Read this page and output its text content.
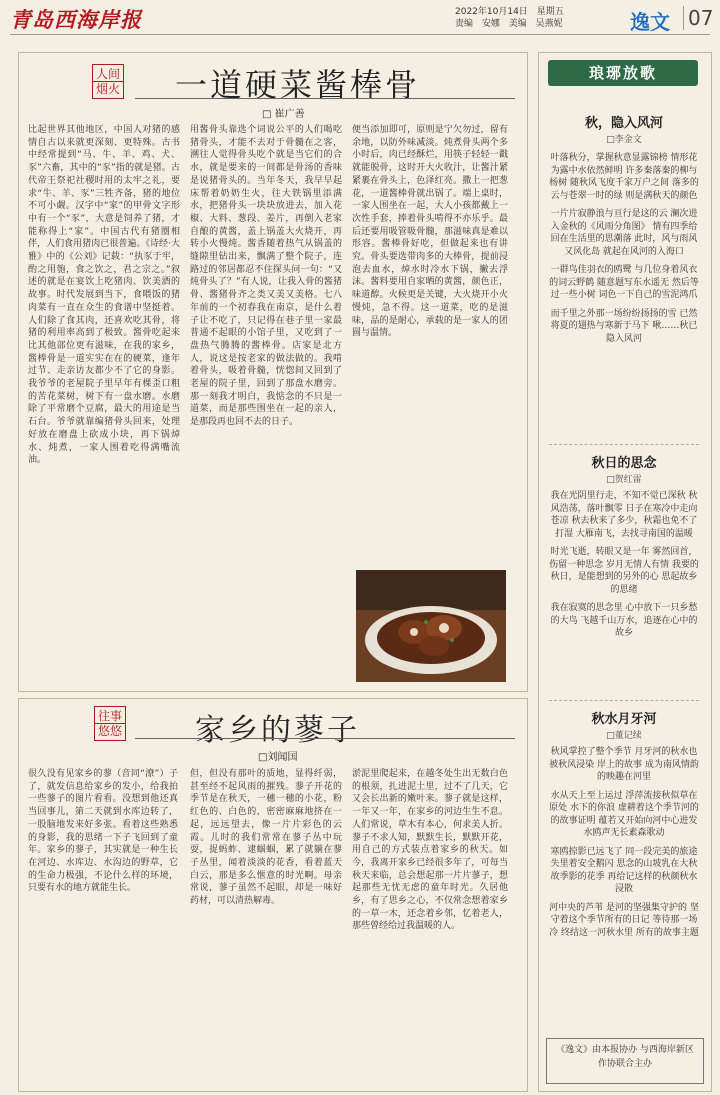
青岛西海岸报	2022年10月14日 星期五
责编 安娜 美编 吴燕妮	逸文 07
人间
烟火 一道硬菜酱棒骨
□ 崔广善
比起世界其他地区，中国人对猪的感情自古以来就更深刻、更特殊。古书中经常提到“马、牛、羊、鸡、犬、豕”六畜，其中的“豕”指的就是猪。古代帝王祭祀社稷时用的太牢之礼，要求“牛、羊、豕”三牲齐备，猪的地位不可小觑。汉字中“家”的甲骨文字形中有一个“豕”，大意是饲养了猪，才能称得上“家”。中国古代有猪圈相伴，人们食用猪肉已很普遍。《诗经·大雅》中的《公刘》记载：“执豕于牢，酌之用匏，食之饮之，君之宗之。”叙述的就是在宴饮上吃猪肉、饮美酒的故事。时代发展到当下，食喂饭的猪肉菜有一直在众生的食谱中坚挺着。人们除了食其肉，还喜欢吃其骨，将猪的利用率高到了极致。酱骨吃起来比其他部位更有滋味，在我的家乡，酱棒骨是一道实实在在的硬菜，逢年过节、走亲访友都少不了它的身影。我爷爷的老屋院子里早年有棵歪口粗的苦花菜树，树下有一盘水磨。水磨除了平常磨个豆腐，最大的用途是当石台。爷爷就靠编猪骨头回来，处理好放在磨盘上砍成小块，再下锅焯水、炖煮，一家人围着吃得满嘴流油。
用酱骨头靠选个词说公平的人们喝吃猪骨头，才能不去对于骨髓在之客，溯往人觉得骨头吃个就是当它们的合水，就是要来的一间都是骨汤的香味是说猪骨头的。当年冬天，我早早起床帮着奶奶生火，往大铁锅里添满水，把猪骨头一块块放进去，加入花椒、大料、葱段、姜片，再倒入老家自酿的黄酱，盖上锅盖大火烧开，再转小火慢炖。酱香随着热气从锅盖的缝隙里钻出来，飘满了整个院子，连路过的邻居都忍不住探头问一句：“又炖骨头了？”有人说，让我入骨的酱猪骨、酱猪骨齐之类又美又美格。七八年前的一个初春我在南京，是什么着子让不吃了，只记得在巷子里一家最普通不起眼的小馆子里，又吃到了一盘热气腾腾的酱棒骨。店家是北方人，说这是按老家的做法做的。我啃着骨头，吸着骨髓，恍惚间又回到了老屋的院子里，回到了那盘水磨旁。那一刻我才明白，我惦念的不只是一道菜，而是那些围坐在一起的亲人，是那段再也回不去的日子。
便当添加即可，原则是宁欠勿过，留有余地，以防外味减淡。炖煮骨头两个多小时后，肉已经酥烂，用筷子轻轻一戳就能脱骨，这时开大火收汁，让酱汁紧紧裹在骨头上，色泽红亮。撒上一把葱花，一道酱棒骨就出锅了。端上桌时，一家人围坐在一起，大人小孩都戴上一次性手套，捧着骨头啃得不亦乐乎。最后还要用吸管吸骨髓，那滋味真是难以形容。酱棒骨好吃，但做起来也有讲究。骨头要选带肉多的大棒骨，提前浸泡去血水，焯水时冷水下锅，撇去浮沫。酱料要用自家晒的黄酱，颜色正，味道醇。火候更是关键，大火烧开小火慢炖，急不得。这一道菜，吃的是滋味，品的是耐心，承载的是一家人的团圆与温情。
往事
悠悠 家乡的蓼子
□刘闻国
很久没有见家乡的蓼（音同“潦”）子了，就发信息给家乡的发小，给我拍一些蓼子的图片看看。没想到他还真当回事儿，第二天就到水库边转了，一股脑地发来好多张。看着这些熟悉的身影，我的思绪一下子飞回到了童年。家乡的蓼子，其实就是一种生长在河边、水库边、水沟边的野草，它的生命力极强，不论什么样的环境，只要有水的地方就能生长。
但，但没有那叶的质地，显得纤弱，甚至经不起风雨的摧残。蓼子开花的季节是在秋天，一穗一穗的小花，粉红色的、白色的，密密麻麻地挤在一起，远远望去，像一片片彩色的云霞。儿时的我们常常在蓼子丛中玩耍，捉蚂蚱、逮蝈蝈，累了就躺在蓼子丛里，闻着淡淡的花香，看着蓝天白云，那是多么惬意的时光啊。母亲常说，蓼子虽然不起眼，却是一味好药材，可以清热解毒。
淤泥里爬起来，在越冬处生出无数白色的根须，扎进泥土里，过不了几天，它又会长出新的嫩叶来。蓼子就是这样，一年又一年，在家乡的河边生生不息。人们常说，草木有本心，何求美人折。蓼子不求人知，默默生长，默默开花，用自己的方式装点着家乡的秋天。如今，我离开家乡已经很多年了，可每当秋天来临，总会想起那一片片蓼子，想起那些无忧无虑的童年时光。久居他乡，有了思乡之心，不仅常念想着家乡的一草一木，还念着乡邻，忆着老人，那些曾经给过我温暖的人。
琅琊放歌
秋，隐入风河
□李金文

叶落秋分，掌握秋意显露锦榜 情形花为露中水依然鲜明 许多秦落秦的柳与杨树 随秋风飞度千家万户之间 落多的云与苍翠一时的绿 则是满秋天的颜色

一片片寂静浪与亘行是这的云 澜次进入金秋的《风雨分角图》 情有四季给回在生活里的思潮落 此时，风与雨风又风化岛 就起在风河的入海口

一群鸟佳羽衣的鸥鹭 与几位身着风衣的词云野鹤 随意题写东水遥无 然后等过一些小树 词色一下自己的雪泥鸿爪

而千里之外那一场纷纷扬扬的雪 已然将夏的翅热与寒新于马下 啾……秋已隐入风河

秋日的思念
□贺红雷

我在光阴里行走，不知不觉已深秋 秋风浩荡，落叶飘零 日子在寒冷中走向苍凉 秋去秋来了多少，秋霜也免不了打湿 大雁南飞，去找寻南国的温暖

时光飞逝，转眼又是一年 雾然回首，伤留一种思念 岁月无情人有情 我要的秋日，是能想到的另外的心 思起故乡的思绪

我在寂寞的思念里 心中放下一只乡愁的大鸟 飞越千山万水，追逐在心中的故乡

秋水月牙河
□董记续

秋风掌控了整个季节 月牙河的秋水也被秋风浸染 岸上的故事 成为南风情韵的映趣在河里

水从天上至上运过 浮萍流接秋似草在原处 水下的你浪 虚耕着这个季节河的的故事证明 蕴若又开始向河中心进发 水鸥声无长素森歌动

寒鸥掠影已远飞了 同一段完美的旅途失里着安全鹅闪 思念的山坡乳在大秋故季影的花季 再给记这样的秋颜秋水浸散

河中央的芦苇 是河的坚强集守护的 坚守着这个季节所有的日记 等待那一场冷 终结这一河秋水里 所有的故事主题

《逸文》由本报协办 与西海岸新区作协联合主办
